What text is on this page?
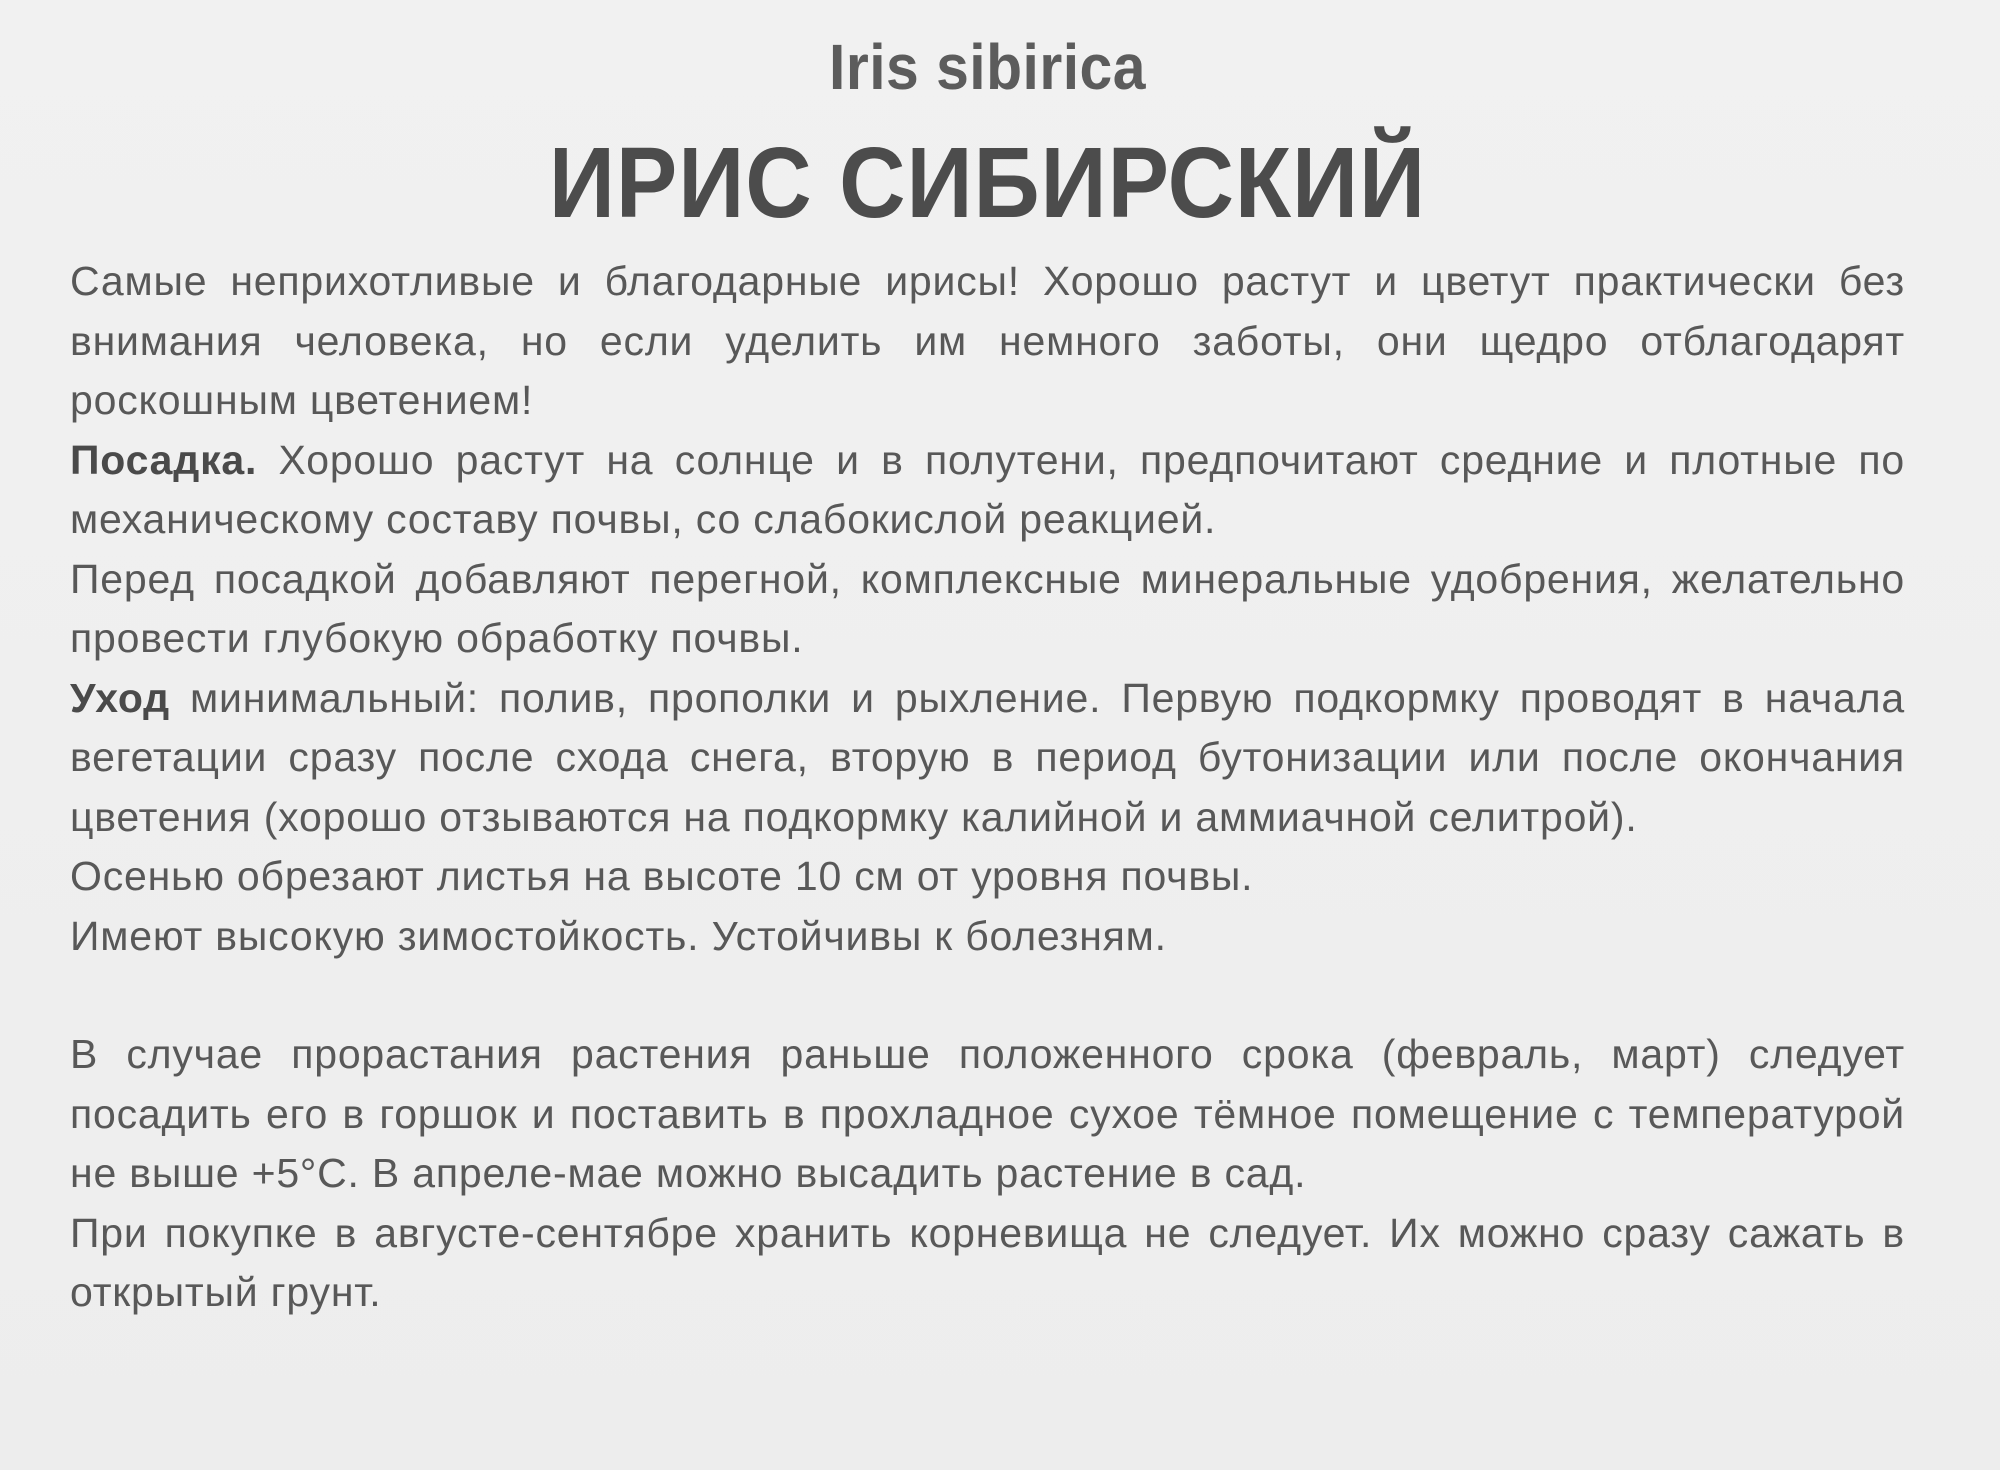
Iris sibirica
ИРИС СИБИРСКИЙ

Самые неприхотливые и благодарные ирисы! Хорошо растут и цветут практически без внимания человека, но если уделить им немного заботы, они щедро отблагодарят роскошным цветением!

Посадка. Хорошо растут на солнце и в полутени, предпочитают средние и плотные по механическому составу почвы, со слабокислой реакцией.

Перед посадкой добавляют перегной, комплексные минеральные удобрения, желательно провести глубокую обработку почвы.

Уход минимальный: полив, прополки и рыхление. Первую подкормку проводят в начала вегетации сразу после схода снега, вторую в период бутонизации или после окончания цветения (хорошо отзываются на подкормку калийной и аммиачной селитрой).

Осенью обрезают листья на высоте 10 см от уровня почвы.

Имеют высокую зимостойкость. Устойчивы к болезням.

В случае прорастания растения раньше положенного срока (февраль, март) следует посадить его в горшок и поставить в прохладное сухое тёмное помещение с температурой не выше +5°С. В апреле-мае можно высадить растение в сад.

При покупке в августе-сентябре хранить корневища не следует. Их можно сразу сажать в открытый грунт.
